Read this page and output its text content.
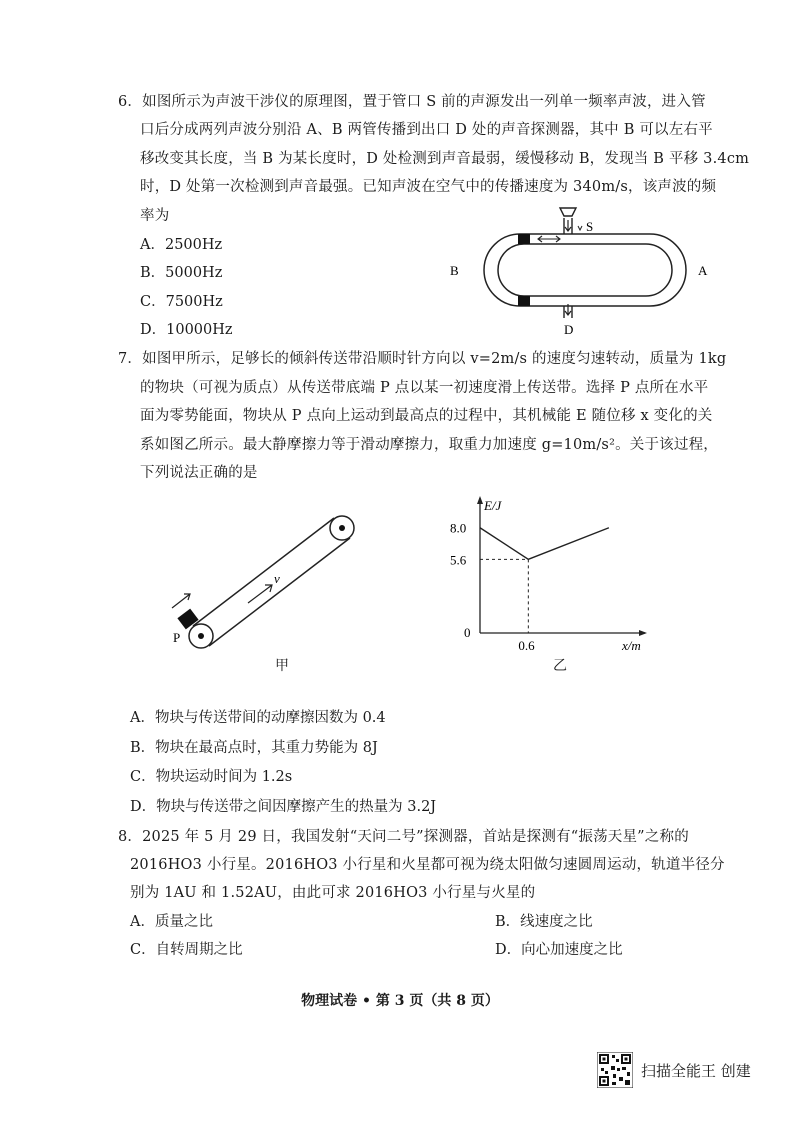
6．如图所示为声波干涉仪的原理图，置于管口 S 前的声源发出一列单一频率声波，进入管
口后分成两列声波分别沿 A、B 两管传播到出口 D 处的声音探测器，其中 B 可以左右平
移改变其长度，当 B 为某长度时，D 处检测到声音最弱，缓慢移动 B，发现当 B 平移 3.4cm
时，D 处第一次检测到声音最强。已知声波在空气中的传播速度为 340m/s，该声波的频
率为
A．2500Hz
B．5000Hz
C．7500Hz
D．10000Hz
S
D
B	A
7．如图甲所示，足够长的倾斜传送带沿顺时针方向以 v=2m/s 的速度匀速转动，质量为 1kg
的物块（可视为质点）从传送带底端 P 点以某一初速度滑上传送带。选择 P 点所在水平
面为零势能面，物块从 P 点向上运动到最高点的过程中，其机械能 E 随位移 x 变化的关
系如图乙所示。最大静摩擦力等于滑动摩擦力，取重力加速度 g=10m/s²。关于该过程，
下列说法正确的是
v
P
甲
E/J
x/m
0
8.0
5.6
0.6
乙
A．物块与传送带间的动摩擦因数为 0.4
B．物块在最高点时，其重力势能为 8J
C．物块运动时间为 1.2s
D．物块与传送带之间因摩擦产生的热量为 3.2J
8．2025 年 5 月 29 日，我国发射“天问二号”探测器，首站是探测有“振荡天星”之称的
2016HO3 小行星。2016HO3 小行星和火星都可视为绕太阳做匀速圆周运动，轨道半径分
别为 1AU 和 1.52AU，由此可求 2016HO3 小行星与火星的
A．质量之比	B．线速度之比
C．自转周期之比	D．向心加速度之比
物理试卷 • 第 3 页（共 8 页）
扫描全能王 创建
